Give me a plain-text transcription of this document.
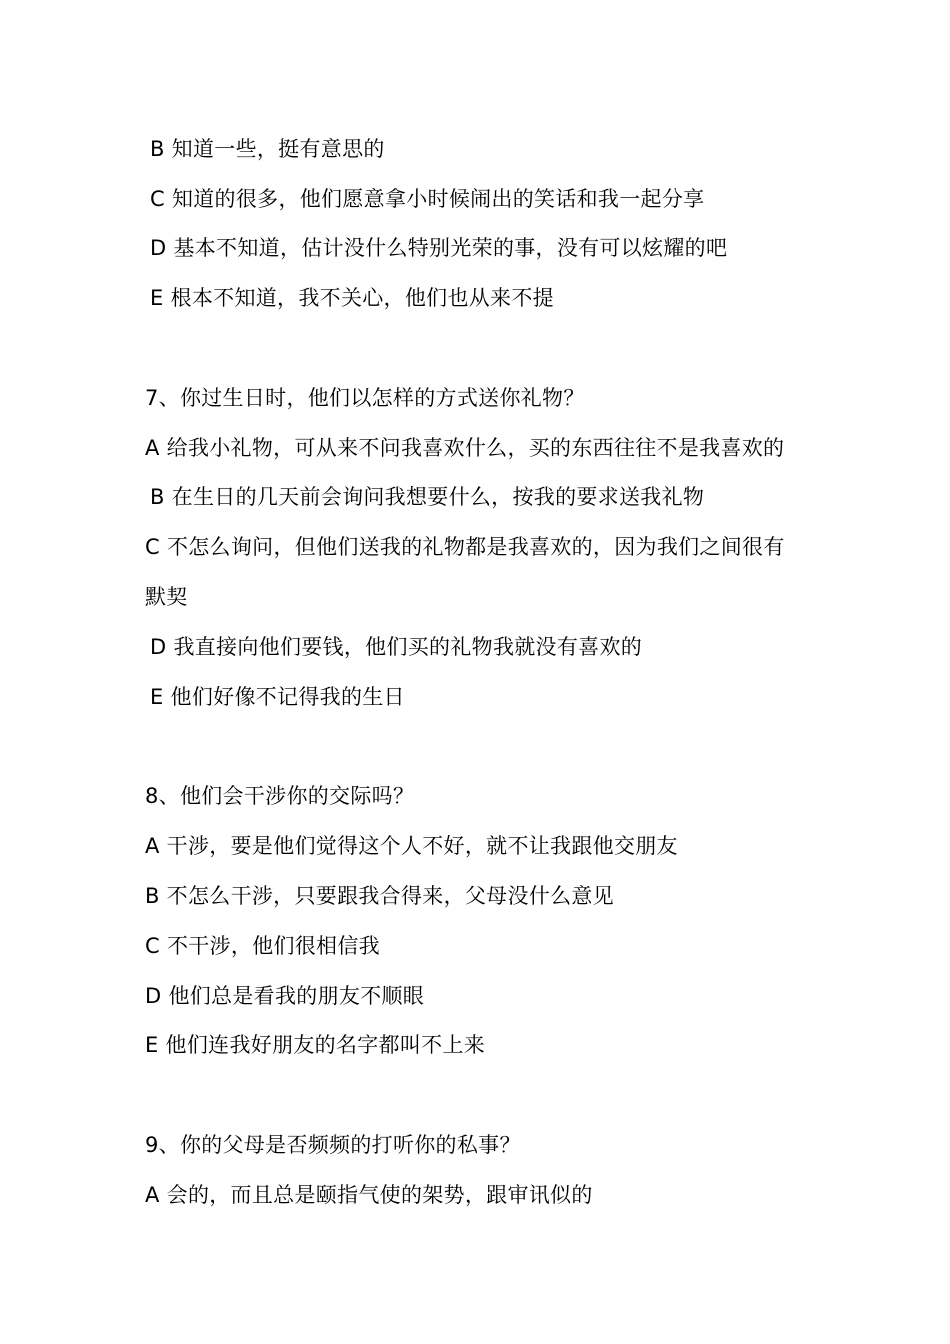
B 知道一些，挺有意思的
C 知道的很多，他们愿意拿小时候闹出的笑话和我一起分享
D 基本不知道，估计没什么特别光荣的事，没有可以炫耀的吧
E 根本不知道，我不关心，他们也从来不提
7、你过生日时，他们以怎样的方式送你礼物？
A 给我小礼物，可从来不问我喜欢什么，买的东西往往不是我喜欢的
B 在生日的几天前会询问我想要什么，按我的要求送我礼物
C 不怎么询问，但他们送我的礼物都是我喜欢的，因为我们之间很有
默契
D 我直接向他们要钱，他们买的礼物我就没有喜欢的
E 他们好像不记得我的生日
8、他们会干涉你的交际吗？
A 干涉，要是他们觉得这个人不好，就不让我跟他交朋友
B 不怎么干涉，只要跟我合得来，父母没什么意见
C 不干涉，他们很相信我
D 他们总是看我的朋友不顺眼
E 他们连我好朋友的名字都叫不上来
9、你的父母是否频频的打听你的私事？
A 会的，而且总是颐指气使的架势，跟审讯似的
